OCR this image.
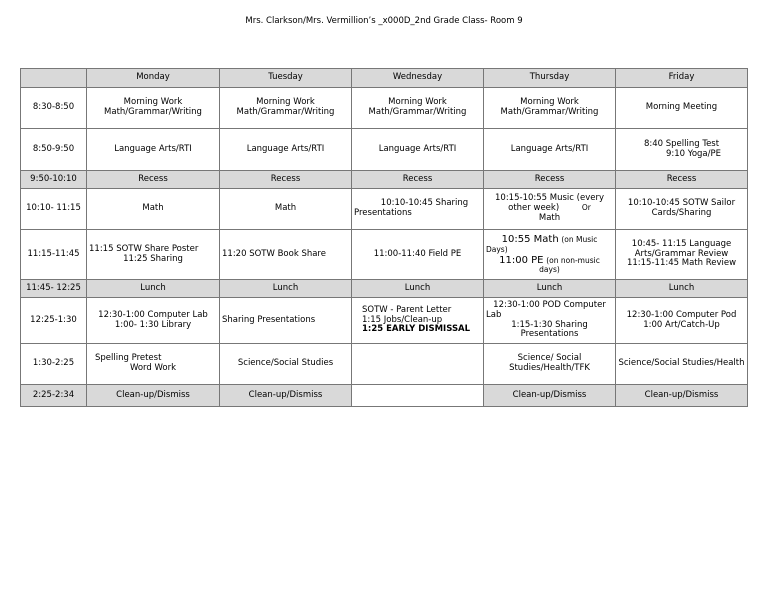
Mrs. Clarkson/Mrs. Vermillion’s _x000D_2nd Grade Class- Room 9
	Monday	Tuesday	Wednesday	Thursday	Friday
8:30-8:50	Morning Work
Math/Grammar/Writing	Morning Work
Math/Grammar/Writing	Morning Work
Math/Grammar/Writing	Morning Work
Math/Grammar/Writing	Morning Meeting

8:50-9:50	Language Arts/RTI	Language Arts/RTI	Language Arts/RTI	Language Arts/RTI	8:40 Spelling Test
9:10 Yoga/PE

9:50-10:10	Recess	Recess	Recess	Recess	Recess
10:10- 11:15	Math	Math	10:10-10:45 Sharing
Presentations	10:15-10:55 Music (every
other week) Or
Math	10:10-10:45 SOTW Sailor
Cards/Sharing

11:15-11:45	11:15 SOTW Share Poster
11:25 Sharing	11:20 SOTW Book Share	11:00-11:40 Field PE	10:55 Math (on Music
Days)
11:00 PE (on non-music
days)	10:45- 11:15 Language
Arts/Grammar Review
11:15-11:45 Math Review

11:45- 12:25	Lunch	Lunch	Lunch	Lunch	Lunch
12:25-1:30	12:30-1:00 Computer Lab
1:00- 1:30 Library	Sharing Presentations	SOTW - Parent Letter
1:15 Jobs/Clean-up
1:25 EARLY DISMISSAL	12:30-1:00 POD Computer
Lab
1:15-1:30 Sharing
Presentations	12:30-1:00 Computer Pod
1:00 Art/Catch-Up

1:30-2:25	Spelling Pretest
Word Work	Science/Social Studies		Science/ Social
Studies/Health/TFK	Science/Social Studies/Health
2:25-2:34	Clean-up/Dismiss	Clean-up/Dismiss		Clean-up/Dismiss	Clean-up/Dismiss
